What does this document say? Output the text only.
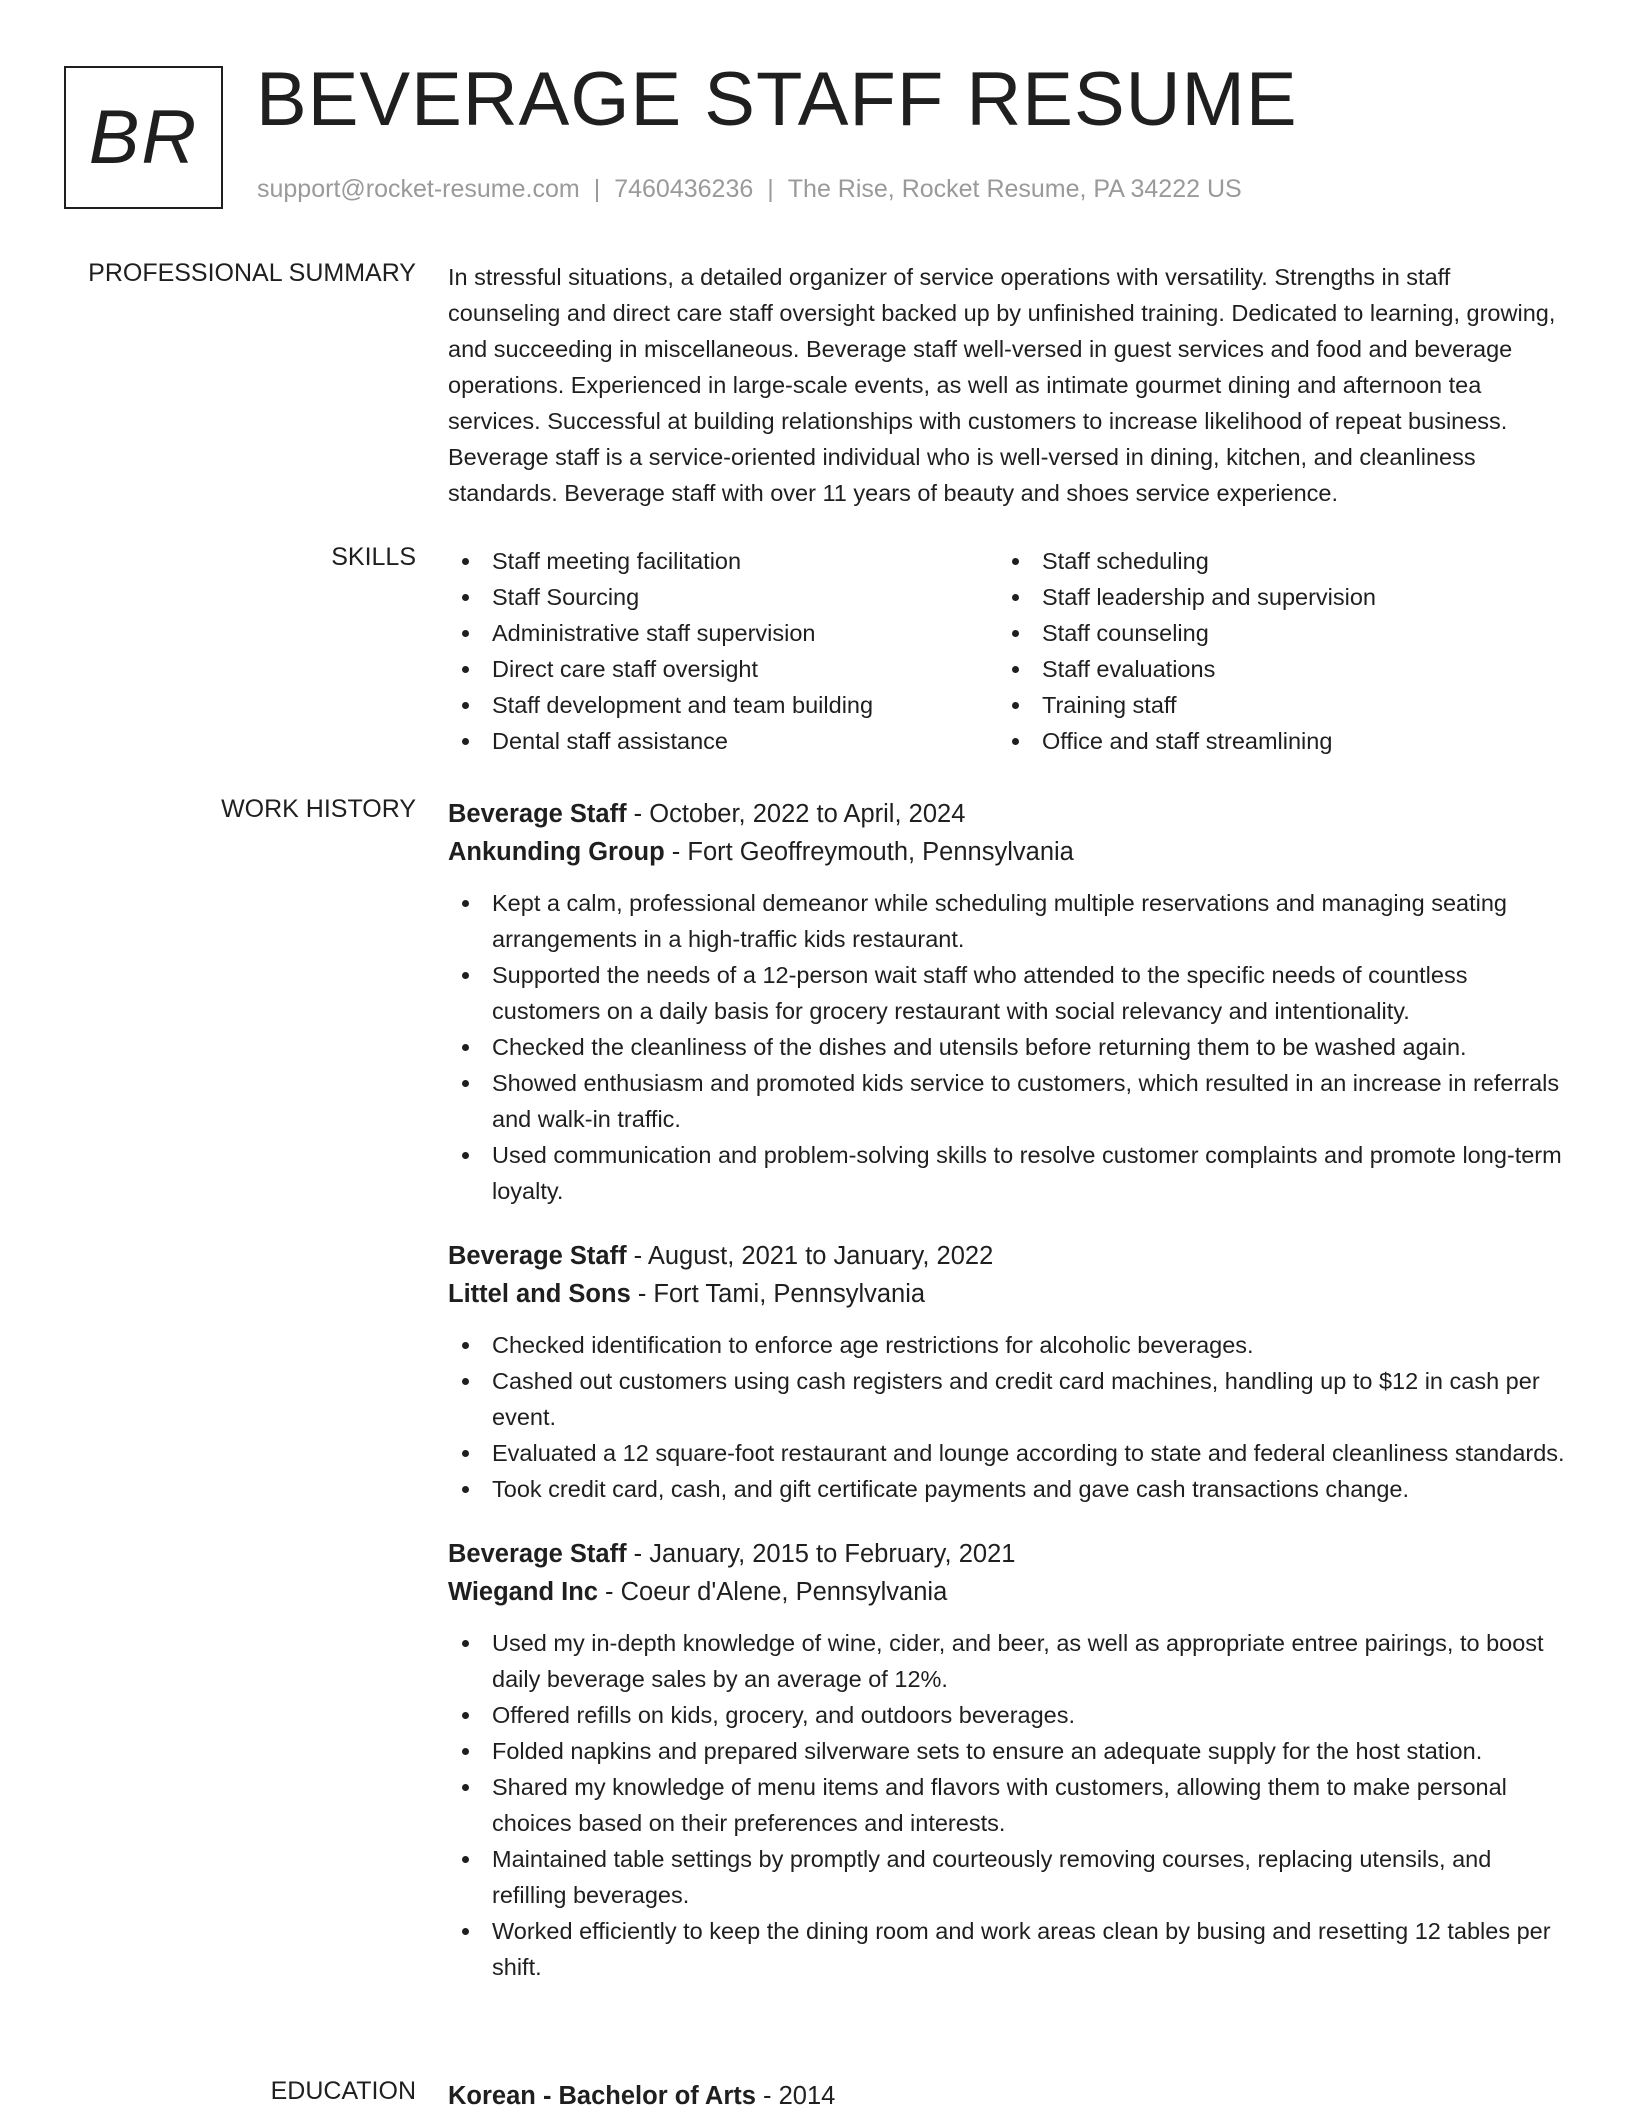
BR BEVERAGE STAFF RESUME
support@rocket-resume.com | 7460436236 | The Rise, Rocket Resume, PA 34222 US
PROFESSIONAL SUMMARY In stressful situations, a detailed organizer of service operations with versatility. Strengths in staff counseling and direct care staff oversight backed up by unfinished training. Dedicated to learning, growing, and succeeding in miscellaneous. Beverage staff well-versed in guest services and food and beverage operations. Experienced in large-scale events, as well as intimate gourmet dining and afternoon tea services. Successful at building relationships with customers to increase likelihood of repeat business. Beverage staff is a service-oriented individual who is well-versed in dining, kitchen, and cleanliness standards. Beverage staff with over 11 years of beauty and shoes service experience.
SKILLS	Staff meeting facilitation
Staff Sourcing
Administrative staff supervision
Direct care staff oversight
Staff development and team building
Dental staff assistance
Staff scheduling
Staff leadership and supervision
Staff counseling
Staff evaluations
Training staff
Office and staff streamlining
WORK HISTORY Beverage Staff - October, 2022 to April, 2024
Ankunding Group - Fort Geoffreymouth, Pennsylvania
Kept a calm, professional demeanor while scheduling multiple reservations and managing seating arrangements in a high-traffic kids restaurant.
Supported the needs of a 12-person wait staff who attended to the specific needs of countless customers on a daily basis for grocery restaurant with social relevancy and intentionality.
Checked the cleanliness of the dishes and utensils before returning them to be washed again.
Showed enthusiasm and promoted kids service to customers, which resulted in an increase in referrals and walk-in traffic.
Used communication and problem-solving skills to resolve customer complaints and promote long-term loyalty.
Beverage Staff - August, 2021 to January, 2022
Littel and Sons - Fort Tami, Pennsylvania
Checked identification to enforce age restrictions for alcoholic beverages.
Cashed out customers using cash registers and credit card machines, handling up to $12 in cash per event.
Evaluated a 12 square-foot restaurant and lounge according to state and federal cleanliness standards.
Took credit card, cash, and gift certificate payments and gave cash transactions change.
Beverage Staff - January, 2015 to February, 2021
Wiegand Inc - Coeur d'Alene, Pennsylvania
Used my in-depth knowledge of wine, cider, and beer, as well as appropriate entree pairings, to boost daily beverage sales by an average of 12%.
Offered refills on kids, grocery, and outdoors beverages.
Folded napkins and prepared silverware sets to ensure an adequate supply for the host station.
Shared my knowledge of menu items and flavors with customers, allowing them to make personal choices based on their preferences and interests.
Maintained table settings by promptly and courteously removing courses, replacing utensils, and refilling beverages.
Worked efficiently to keep the dining room and work areas clean by busing and resetting 12 tables per shift.
EDUCATION Korean - Bachelor of Arts - 2014
